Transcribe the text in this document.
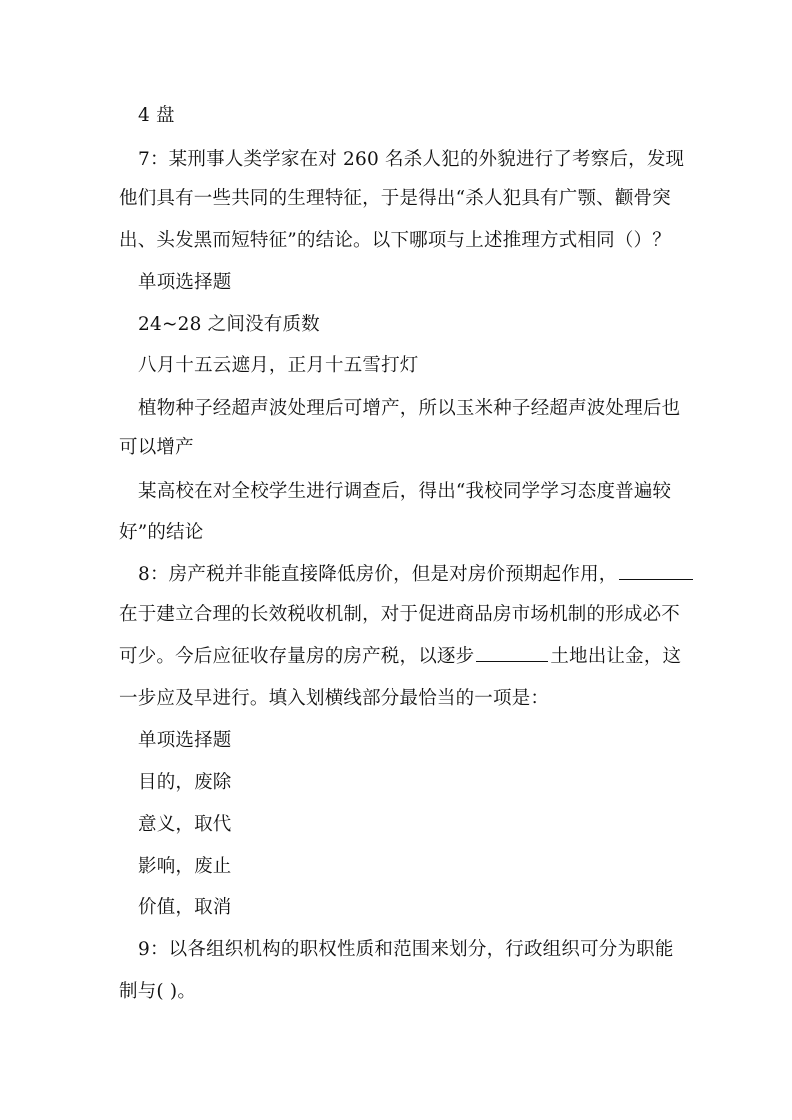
4 盘
7：某刑事人类学家在对 260 名杀人犯的外貌进行了考察后，发现
他们具有一些共同的生理特征，于是得出“杀人犯具有广颚、颧骨突
出、头发黑而短特征”的结论。以下哪项与上述推理方式相同（）？
单项选择题
24~28 之间没有质数
八月十五云遮月，正月十五雪打灯
植物种子经超声波处理后可增产，所以玉米种子经超声波处理后也
可以增产
某高校在对全校学生进行调查后，得出“我校同学学习态度普遍较
好”的结论
8：房产税并非能直接降低房价，但是对房价预期起作用，
在于建立合理的长效税收机制，对于促进商品房市场机制的形成必不
可少。今后应征收存量房的房产税，以逐步	土地出让金，这
一步应及早进行。填入划横线部分最恰当的一项是：
单项选择题
目的，废除
意义，取代
影响，废止
价值，取消
9：以各组织机构的职权性质和范围来划分，行政组织可分为职能
制与( )。
